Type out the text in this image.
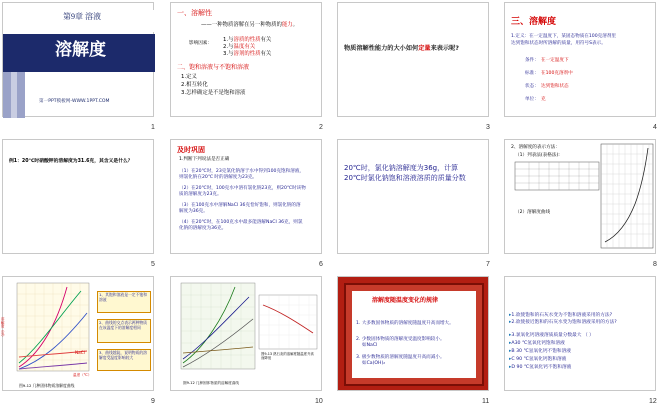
第9章 溶液
溶解度
第一PPT模板网-WWW.1PPT.COM
1
一、溶解性
——一种物质溶解在另一种物质的能力。
影响因素：
1.与溶质的性质有关
2.与温度有关
3.与溶剂的性质有关
二、饱和溶液与不饱和溶液
1.定义
2.相互转化
3.怎样确定是不是饱和溶液
2
物质溶解性能力的大小如何定量来表示呢?
3
三、溶解度
1.定义：在一定温度下，某固态物质在100克溶剂里
达到饱和状态时所溶解的质量，用符号S表示。
条件： 在一定温度下
标准： 在100克溶剂中
状态： 达到饱和状态
单位： 克
4
例1：20℃时硝酸钾的溶解度为31.6克，其含义是什么？
5
及时巩固
1.判断下列说法是否正确
（1）在20℃时，23克氯化钠溶于水中得到100克饱和溶液，
则氯化钠在20℃ 时的溶解度为23克。
（2）在20℃时，100克水中溶有氯化钠23克，则20℃时该物
质的溶解度为23克。
（3）在100克水中溶解NaCl 36克恰好饱和，则氯化钠的溶
解度为36克。
（4）在20℃时，在100克水中最多能溶解NaCl 36克，则氯
化钠的溶解度为36克。
6
20℃时，氯化钠溶解度为36g，计算
20℃时氯化钠饱和溶液溶质的质量分数
7
2、溶解度的表示方法：
（1）列表法(表格法):
（2）溶解度曲线
8
溶解度（克）
NaCl
温度（℃）
图9-12 几种固体物质溶解度曲线
1、其饱和溶液是一定不饱和溶液
2、曲线的交点表示两种物质在该温度下的溶解度相同
3、曲线越陡，说明物质的溶解度受温度影响较大
9
图9-12 几种固体物质的溶解度曲线
图9-13 熟石灰的溶解度随温度升高而降低
10
溶解度随温度变化的规律
1. 大多数固体物质的溶解度随温度升高而增大。
2. 少数固体物质的溶解度受温度影响较小。
如NaCl
3. 极少数物质的溶解度随温度升高而减小。
如Ca(OH)₂
11
▸1.欲使饱和的石灰水变为不饱和溶液采用的方法?
▸2.欲使接近饱和的石灰水变为饱和溶液采用的方法?
▸3.氯氧化钙溶液溶质质量分数最大 （ ）
▸A30 ℃氢氧化钙饱和溶液
▸B 30 ℃氢氧化钙不饱和溶液
▸C 90 ℃氢氧化钙饱和溶液
▸D 90 ℃氢氧化钙不饱和溶液
12
